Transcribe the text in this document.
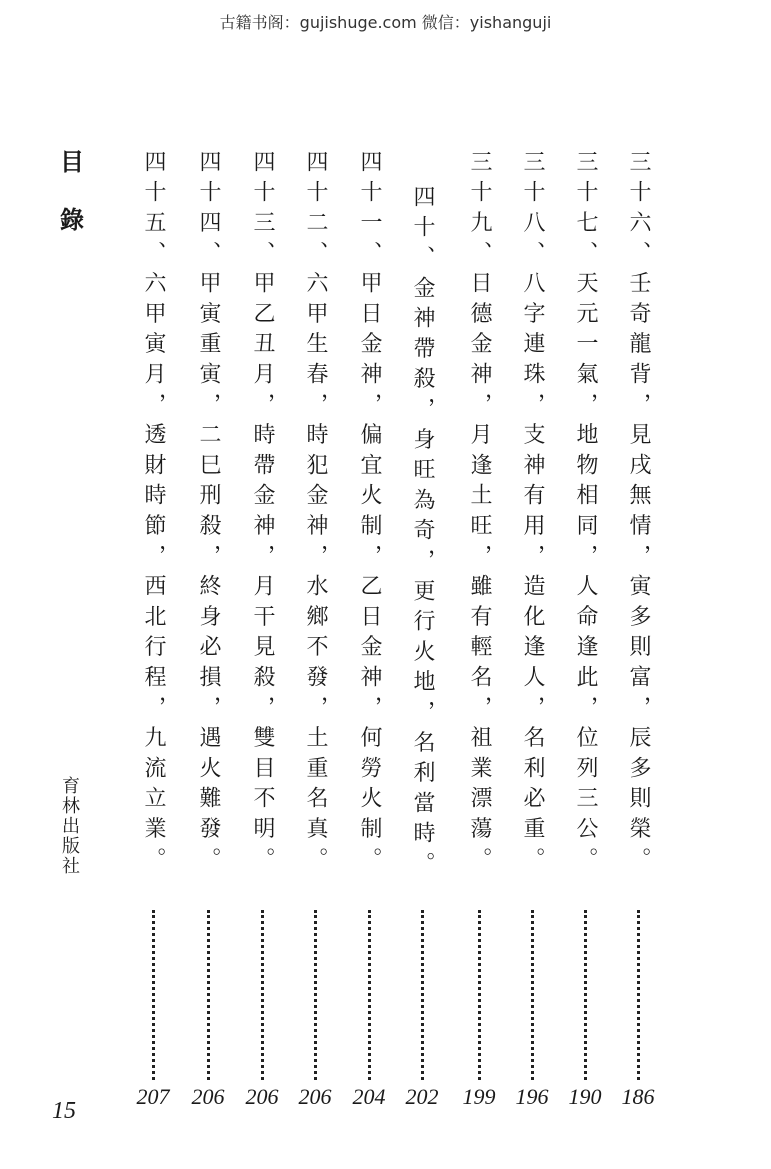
古籍书阁：gujishuge.com 微信：yishanguji
目
錄	三十六、壬奇龍背，見戌無情，寅多則富，辰多則榮。
186
三十七、天元一氣，地物相同，人命逢此，位列三公。
190
三十八、八字連珠，支神有用，造化逢人，名利必重。
196
三十九、日德金神，月逢土旺，雖有輕名，祖業漂蕩。
199
四十、金神帶殺，身旺為奇，更行火地，名利當時。
202
四十一、甲日金神，偏宜火制，乙日金神，何勞火制。
204
四十二、六甲生春，時犯金神，水鄉不發，土重名真。
206
四十三、甲乙丑月，時帶金神，月干見殺，雙目不明。
206
四十四、甲寅重寅，二巳刑殺，終身必損，遇火難發。
206
四十五、六甲寅月，透財時節，西北行程，九流立業。
207
育林出版社
15
